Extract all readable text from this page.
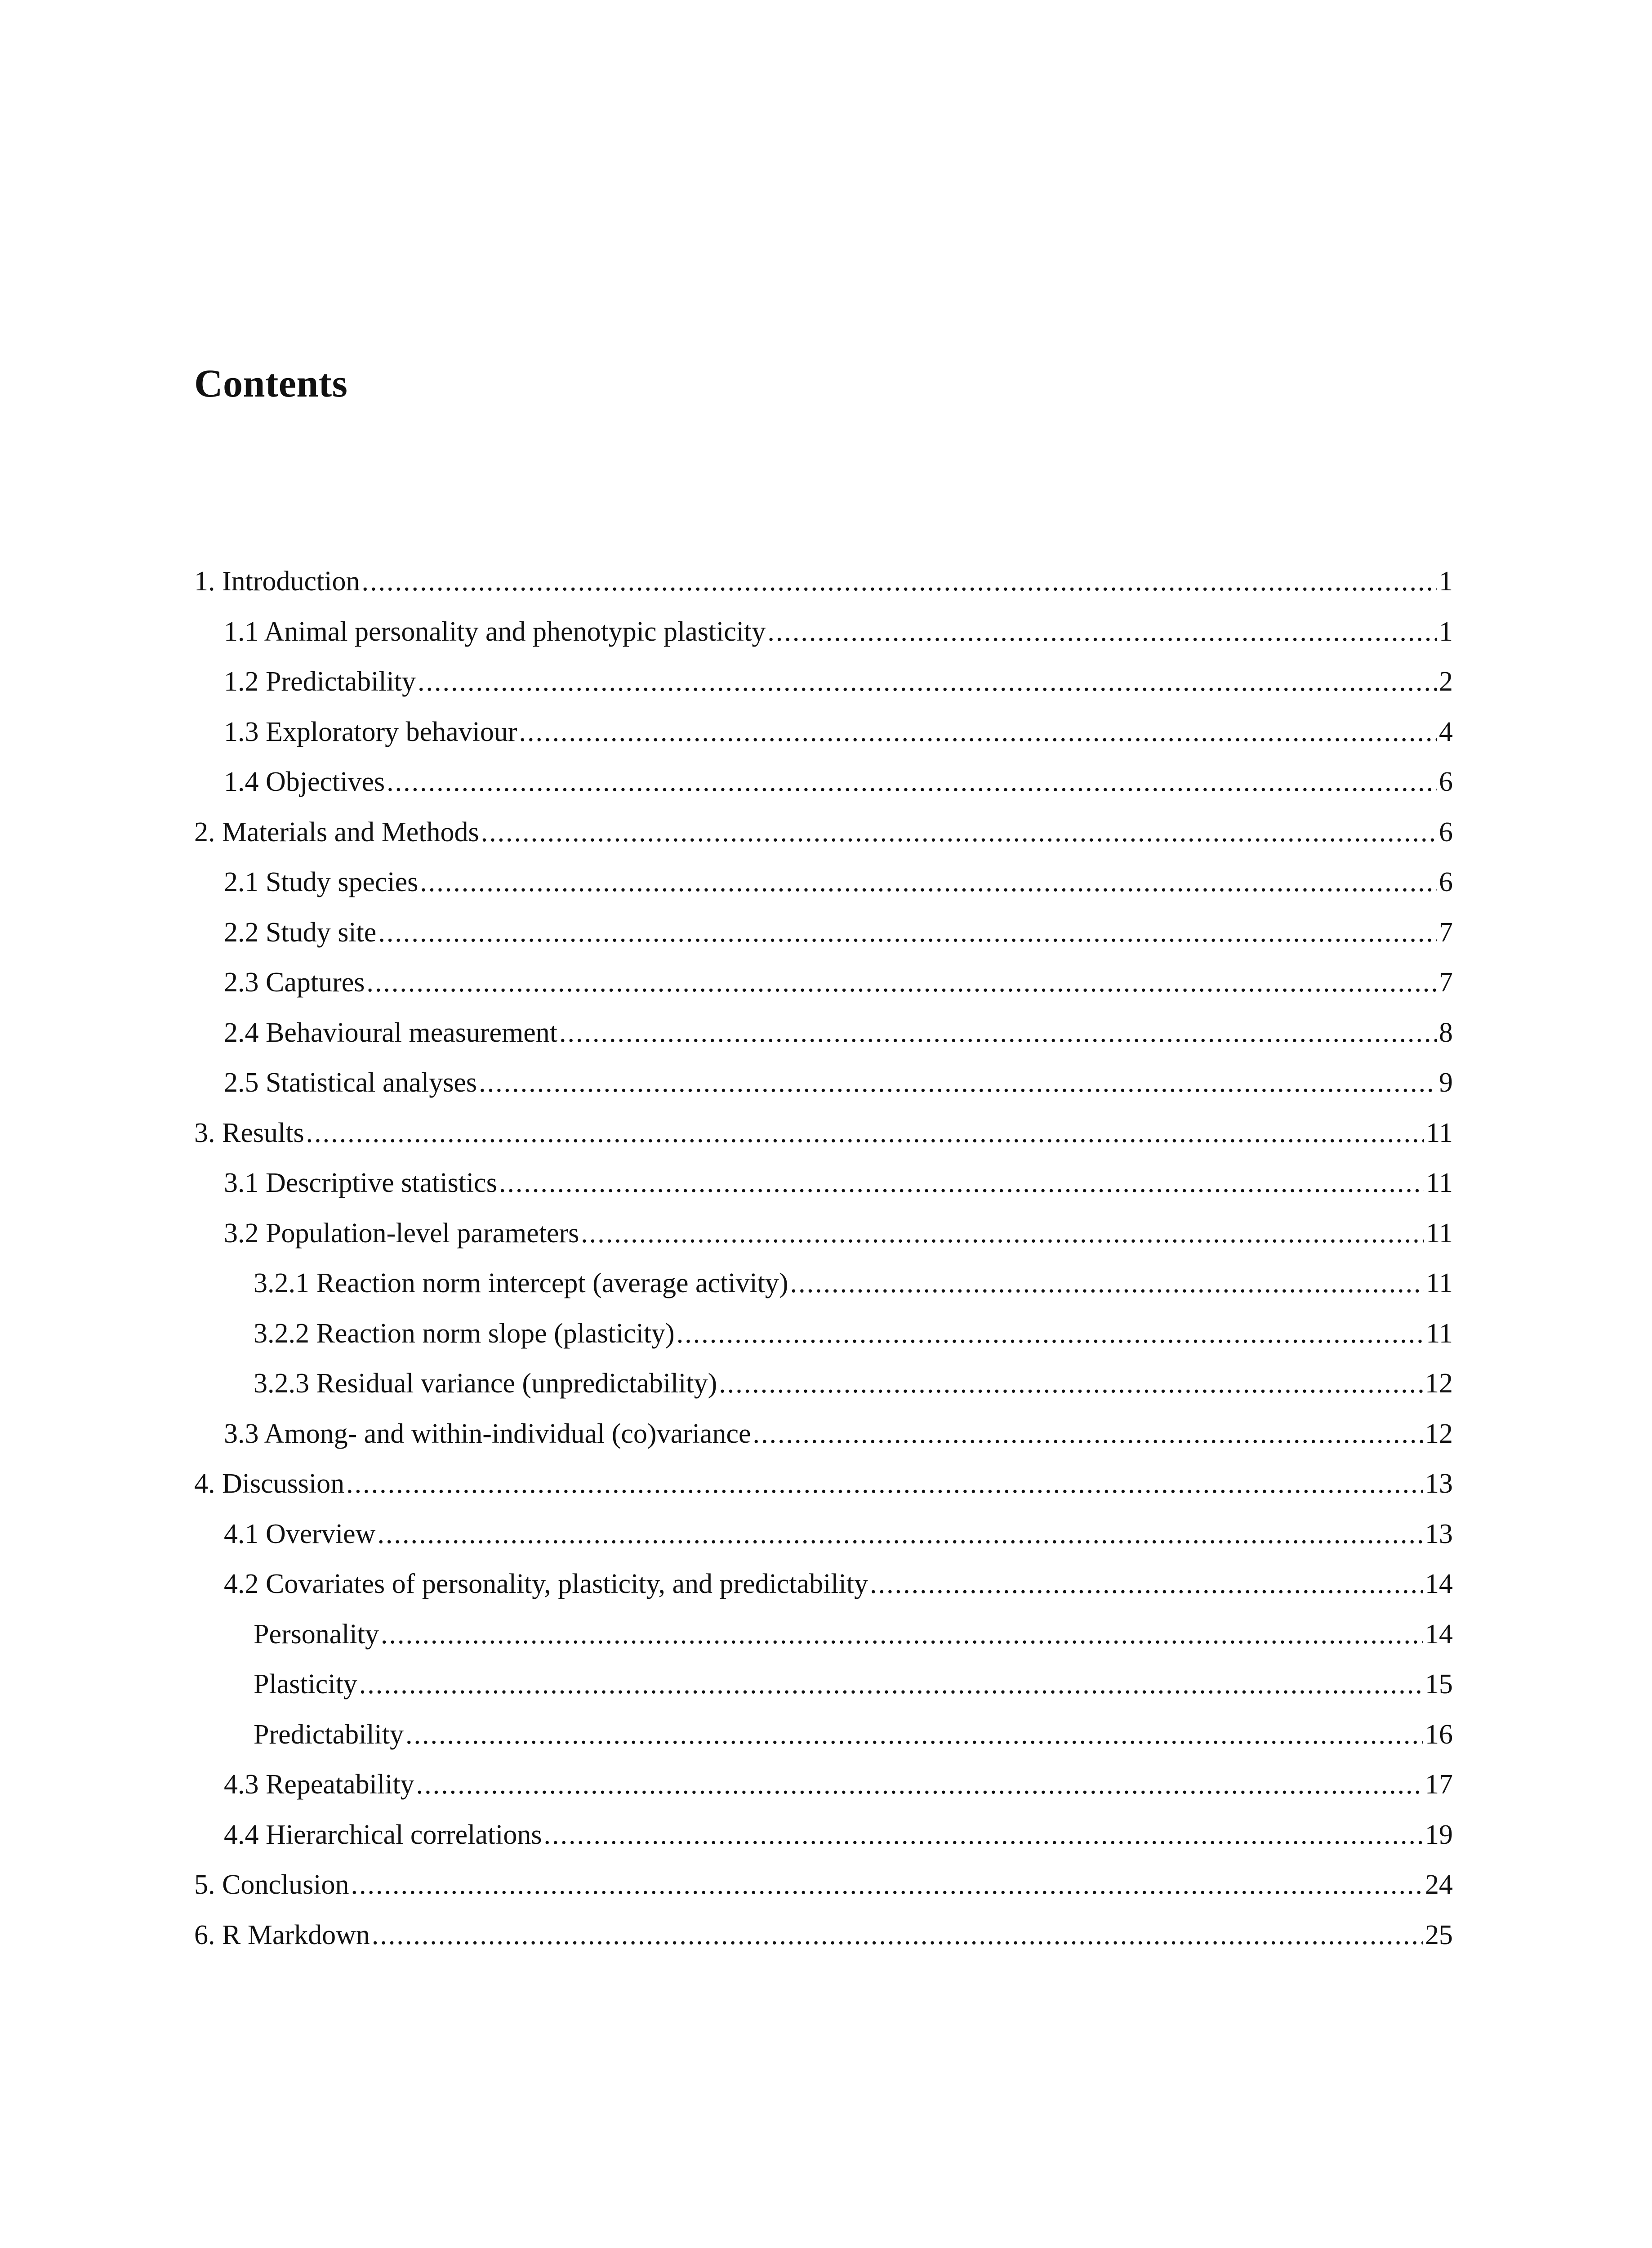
Contents
1. Introduction .....	1
1.1 Animal personality and phenotypic plasticity .....	1
1.2 Predictability .....	2
1.3 Exploratory behaviour .....	4
1.4 Objectives .....	6
2. Materials and Methods .....	6
2.1 Study species .....	6
2.2 Study site .....	7
2.3 Captures .....	7
2.4 Behavioural measurement .....	8
2.5 Statistical analyses .....	9
3. Results .....	11
3.1 Descriptive statistics .....	11
3.2 Population-level parameters .....	11
3.2.1 Reaction norm intercept (average activity) .....	11
3.2.2 Reaction norm slope (plasticity) .....	11
3.2.3 Residual variance (unpredictability) .....	12
3.3 Among- and within-individual (co)variance .....	12
4. Discussion .....	13
4.1 Overview .....	13
4.2 Covariates of personality, plasticity, and predictability .....	14
Personality .....	14
Plasticity .....	15
Predictability .....	16
4.3 Repeatability .....	17
4.4 Hierarchical correlations .....	19
5. Conclusion .....	24
6. R Markdown .....	25
